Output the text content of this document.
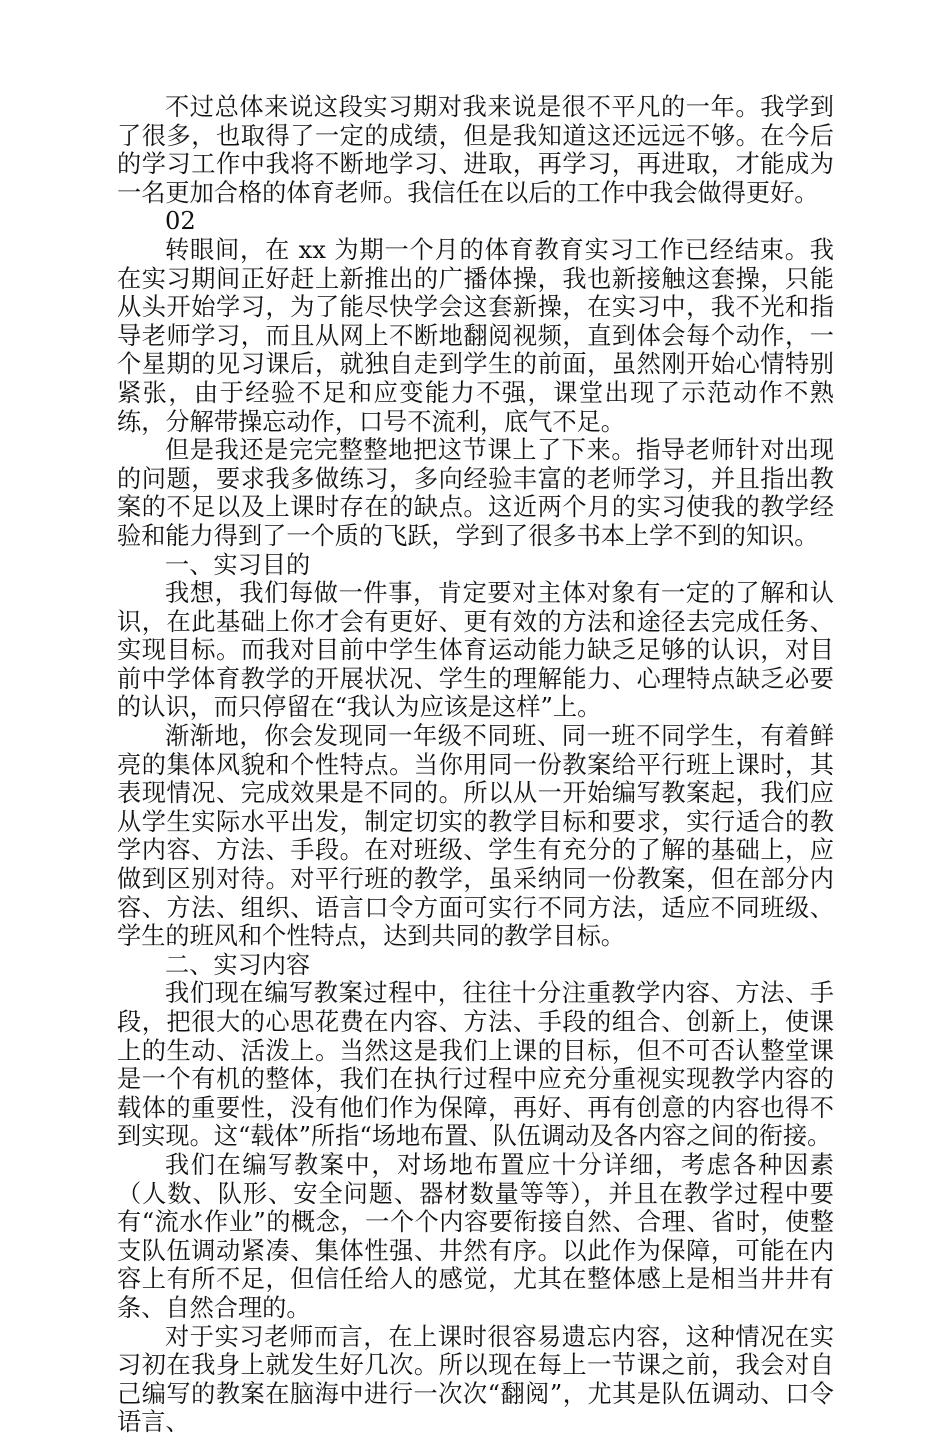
不过总体来说这段实习期对我来说是很不平凡的一年。我学到了很多，也取得了一定的成绩，但是我知道这还远远不够。在今后的学习工作中我将不断地学习、进取，再学习，再进取，才能成为一名更加合格的体育老师。我信任在以后的工作中我会做得更好。

02

转眼间，在 xx 为期一个月的体育教育实习工作已经结束。我在实习期间正好赶上新推出的广播体操，我也新接触这套操，只能从头开始学习，为了能尽快学会这套新操，在实习中，我不光和指导老师学习，而且从网上不断地翻阅视频，直到体会每个动作，一个星期的见习课后，就独自走到学生的前面，虽然刚开始心情特别紧张，由于经验不足和应变能力不强，课堂出现了示范动作不熟练，分解带操忘动作，口号不流利，底气不足。

但是我还是完完整整地把这节课上了下来。指导老师针对出现的问题，要求我多做练习，多向经验丰富的老师学习，并且指出教案的不足以及上课时存在的缺点。这近两个月的实习使我的教学经验和能力得到了一个质的飞跃，学到了很多书本上学不到的知识。

一、实习目的

我想，我们每做一件事，肯定要对主体对象有一定的了解和认识，在此基础上你才会有更好、更有效的方法和途径去完成任务、实现目标。而我对目前中学生体育运动能力缺乏足够的认识，对目前中学体育教学的开展状况、学生的理解能力、心理特点缺乏必要的认识，而只停留在“我认为应该是这样”上。

渐渐地，你会发现同一年级不同班、同一班不同学生，有着鲜亮的集体风貌和个性特点。当你用同一份教案给平行班上课时，其表现情况、完成效果是不同的。所以从一开始编写教案起，我们应从学生实际水平出发，制定切实的教学目标和要求，实行适合的教学内容、方法、手段。在对班级、学生有充分的了解的基础上，应做到区别对待。对平行班的教学，虽采纳同一份教案，但在部分内容、方法、组织、语言口令方面可实行不同方法，适应不同班级、学生的班风和个性特点，达到共同的教学目标。

二、实习内容

我们现在编写教案过程中，往往十分注重教学内容、方法、手段，把很大的心思花费在内容、方法、手段的组合、创新上，使课上的生动、活泼上。当然这是我们上课的目标，但不可否认整堂课是一个有机的整体，我们在执行过程中应充分重视实现教学内容的载体的重要性，没有他们作为保障，再好、再有创意的内容也得不到实现。这“载体”所指“场地布置、队伍调动及各内容之间的衔接。

我们在编写教案中，对场地布置应十分详细，考虑各种因素（人数、队形、安全问题、器材数量等等），并且在教学过程中要有“流水作业”的概念，一个个内容要衔接自然、合理、省时，使整支队伍调动紧凑、集体性强、井然有序。以此作为保障，可能在内容上有所不足，但信任给人的感觉，尤其在整体感上是相当井井有条、自然合理的。

对于实习老师而言，在上课时很容易遗忘内容，这种情况在实习初在我身上就发生好几次。所以现在每上一节课之前，我会对自己编写的教案在脑海中进行一次次“翻阅”，尤其是队伍调动、口令语言、
